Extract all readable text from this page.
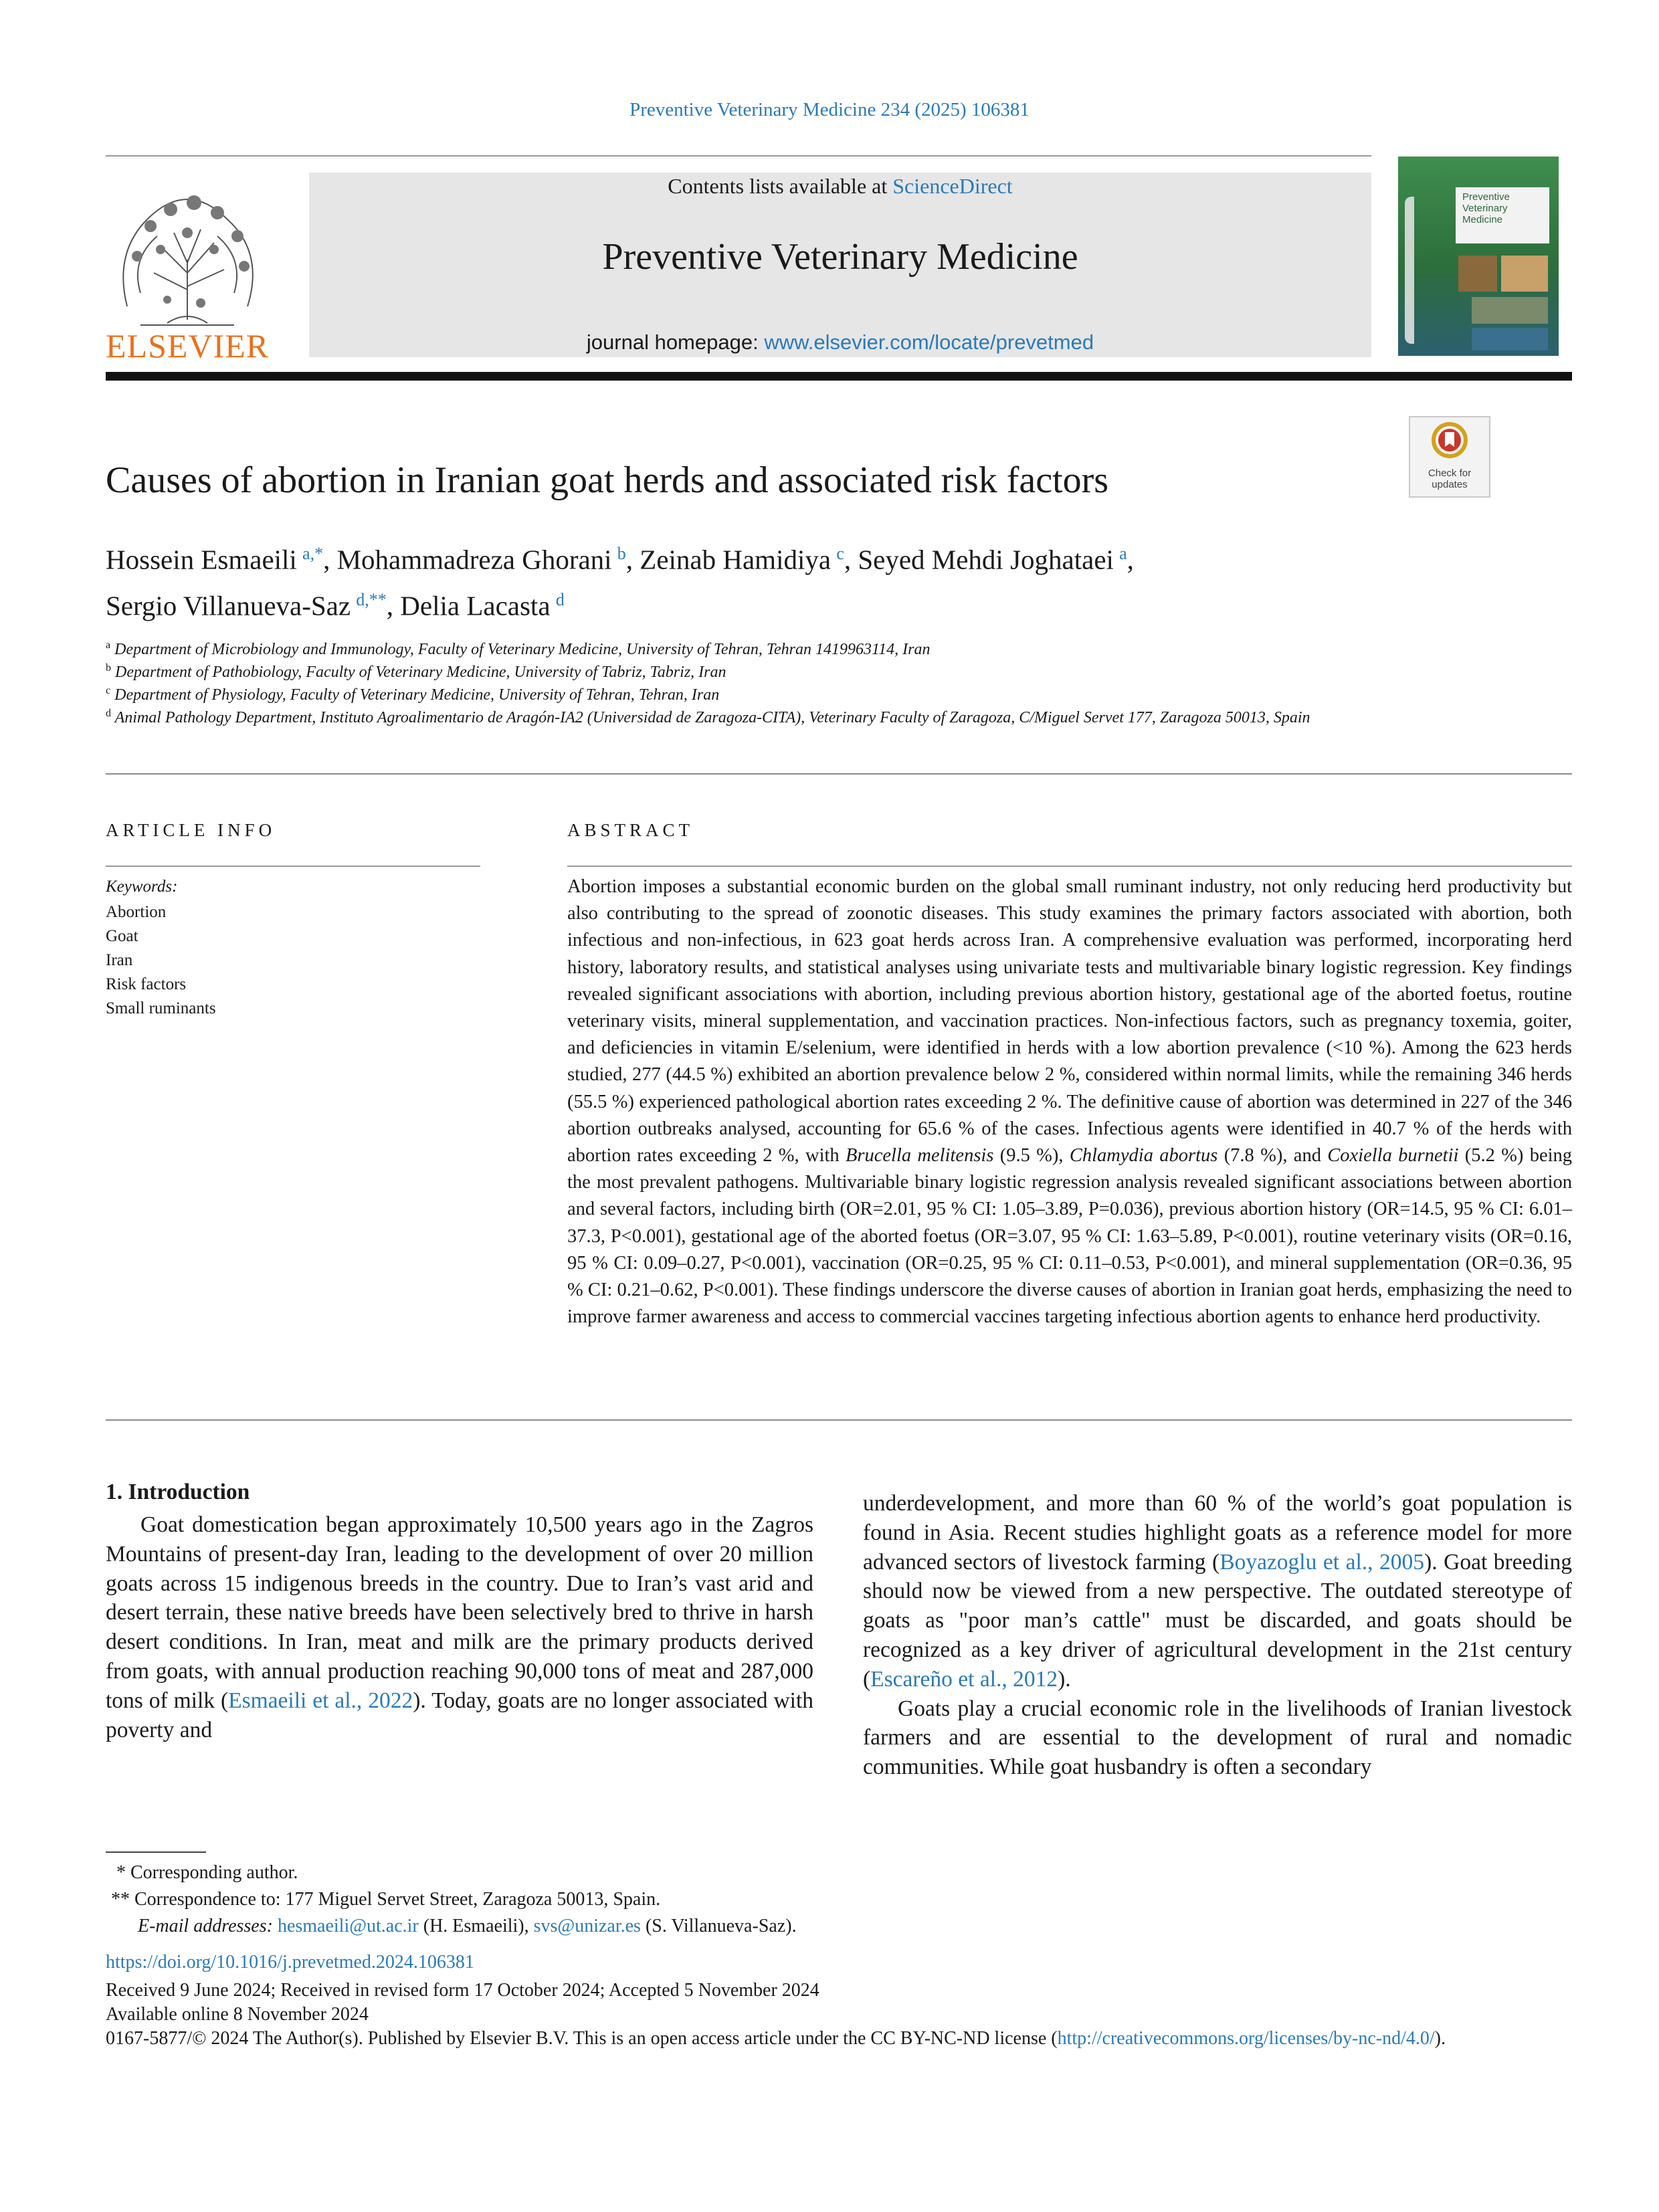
Preventive Veterinary Medicine 234 (2025) 106381
ELSEVIER
Contents lists available at ScienceDirect
Preventive Veterinary Medicine
journal homepage: www.elsevier.com/locate/prevetmed
Preventive
Veterinary
Medicine
Causes of abortion in Iranian goat herds and associated risk factors	Check for
updates
Hossein Esmaeili  $^{a,*}$, Mohammadreza Ghorani  $^b$, Zeinab Hamidiya  $^c$, Seyed Mehdi Joghataei  $^a$,
Sergio Villanueva-Saz  $^{d,**}$, Delia Lacasta  $^d$
$^a$ Department of Microbiology and Immunology, Faculty of Veterinary Medicine, University of Tehran, Tehran 1419963114, Iran
$^b$ Department of Pathobiology, Faculty of Veterinary Medicine, University of Tabriz, Tabriz, Iran
$^c$ Department of Physiology, Faculty of Veterinary Medicine, University of Tehran, Tehran, Iran
$^d$ Animal Pathology Department, Instituto Agroalimentario de Aragón-IA2 (Universidad de Zaragoza-CITA), Veterinary Faculty of Zaragoza, C/Miguel Servet 177, Zaragoza 50013, Spain
ARTICLE INFO	ABSTRACT
Keywords:
Abortion
Goat
Iran
Risk factors
Small ruminants
Abortion imposes a substantial economic burden on the global small ruminant industry, not only reducing herd productivity but also contributing to the spread of zoonotic diseases. This study examines the primary factors associated with abortion, both infectious and non-infectious, in 623 goat herds across Iran. A comprehensive evaluation was performed, incorporating herd history, laboratory results, and statistical analyses using univariate tests and multivariable binary logistic regression. Key findings revealed significant associations with abortion, including previous abortion history, gestational age of the aborted foetus, routine veterinary visits, mineral supplementation, and vaccination practices. Non-infectious factors, such as pregnancy toxemia, goiter, and deficiencies in vitamin E/selenium, were identified in herds with a low abortion prevalence (<10 %). Among the 623 herds studied, 277 (44.5 %) exhibited an abortion prevalence below 2 %, considered within normal limits, while the remaining 346 herds (55.5 %) experienced pathological abortion rates exceeding 2 %. The definitive cause of abortion was determined in 227 of the 346 abortion outbreaks analysed, accounting for 65.6 % of the cases. Infectious agents were identified in 40.7 % of the herds with abortion rates exceeding 2 %, with Brucella melitensis (9.5 %), Chlamydia abortus (7.8 %), and Coxiella burnetii (5.2 %) being the most prevalent pathogens. Multivariable binary logistic regression analysis revealed significant associations between abortion and several factors, including birth (OR=2.01, 95 % CI: 1.05–3.89, P=0.036), previous abortion history (OR=14.5, 95 % CI: 6.01–37.3, P<0.001), gestational age of the aborted foetus (OR=3.07, 95 % CI: 1.63–5.89, P<0.001), routine veterinary visits (OR=0.16, 95 % CI: 0.09–0.27, P<0.001), vaccination (OR=0.25, 95 % CI: 0.11–0.53, P<0.001), and mineral supplementation (OR=0.36, 95 % CI: 0.21–0.62, P<0.001). These findings underscore the diverse causes of abortion in Iranian goat herds, emphasizing the need to improve farmer awareness and access to commercial vaccines targeting infectious abortion agents to enhance herd productivity.
1. Introduction

Goat domestication began approximately 10,500 years ago in the Zagros Mountains of present-day Iran, leading to the development of over 20 million goats across 15 indigenous breeds in the country. Due to Iran’s vast arid and desert terrain, these native breeds have been selectively bred to thrive in harsh desert conditions. In Iran, meat and milk are the primary products derived from goats, with annual production reaching 90,000 tons of meat and 287,000 tons of milk (Esmaeili et al., 2022). Today, goats are no longer associated with poverty and

underdevelopment, and more than 60 % of the world’s goat population is found in Asia. Recent studies highlight goats as a reference model for more advanced sectors of livestock farming (Boyazoglu et al., 2005). Goat breeding should now be viewed from a new perspective. The outdated stereotype of goats as "poor man’s cattle" must be discarded, and goats should be recognized as a key driver of agricultural development in the 21st century (Escareño et al., 2012).

Goats play a crucial economic role in the livelihoods of Iranian livestock farmers and are essential to the development of rural and nomadic communities. While goat husbandry is often a secondary

* Corresponding author.
** Correspondence to: 177 Miguel Servet Street, Zaragoza 50013, Spain.
E-mail addresses: hesmaeili@ut.ac.ir (H. Esmaeili), svs@unizar.es (S. Villanueva-Saz).
https://doi.org/10.1016/j.prevetmed.2024.106381
Received 9 June 2024; Received in revised form 17 October 2024; Accepted 5 November 2024
Available online 8 November 2024
0167-5877/© 2024 The Author(s). Published by Elsevier B.V. This is an open access article under the CC BY-NC-ND license (http://creativecommons.org/licenses/by-nc-nd/4.0/).
